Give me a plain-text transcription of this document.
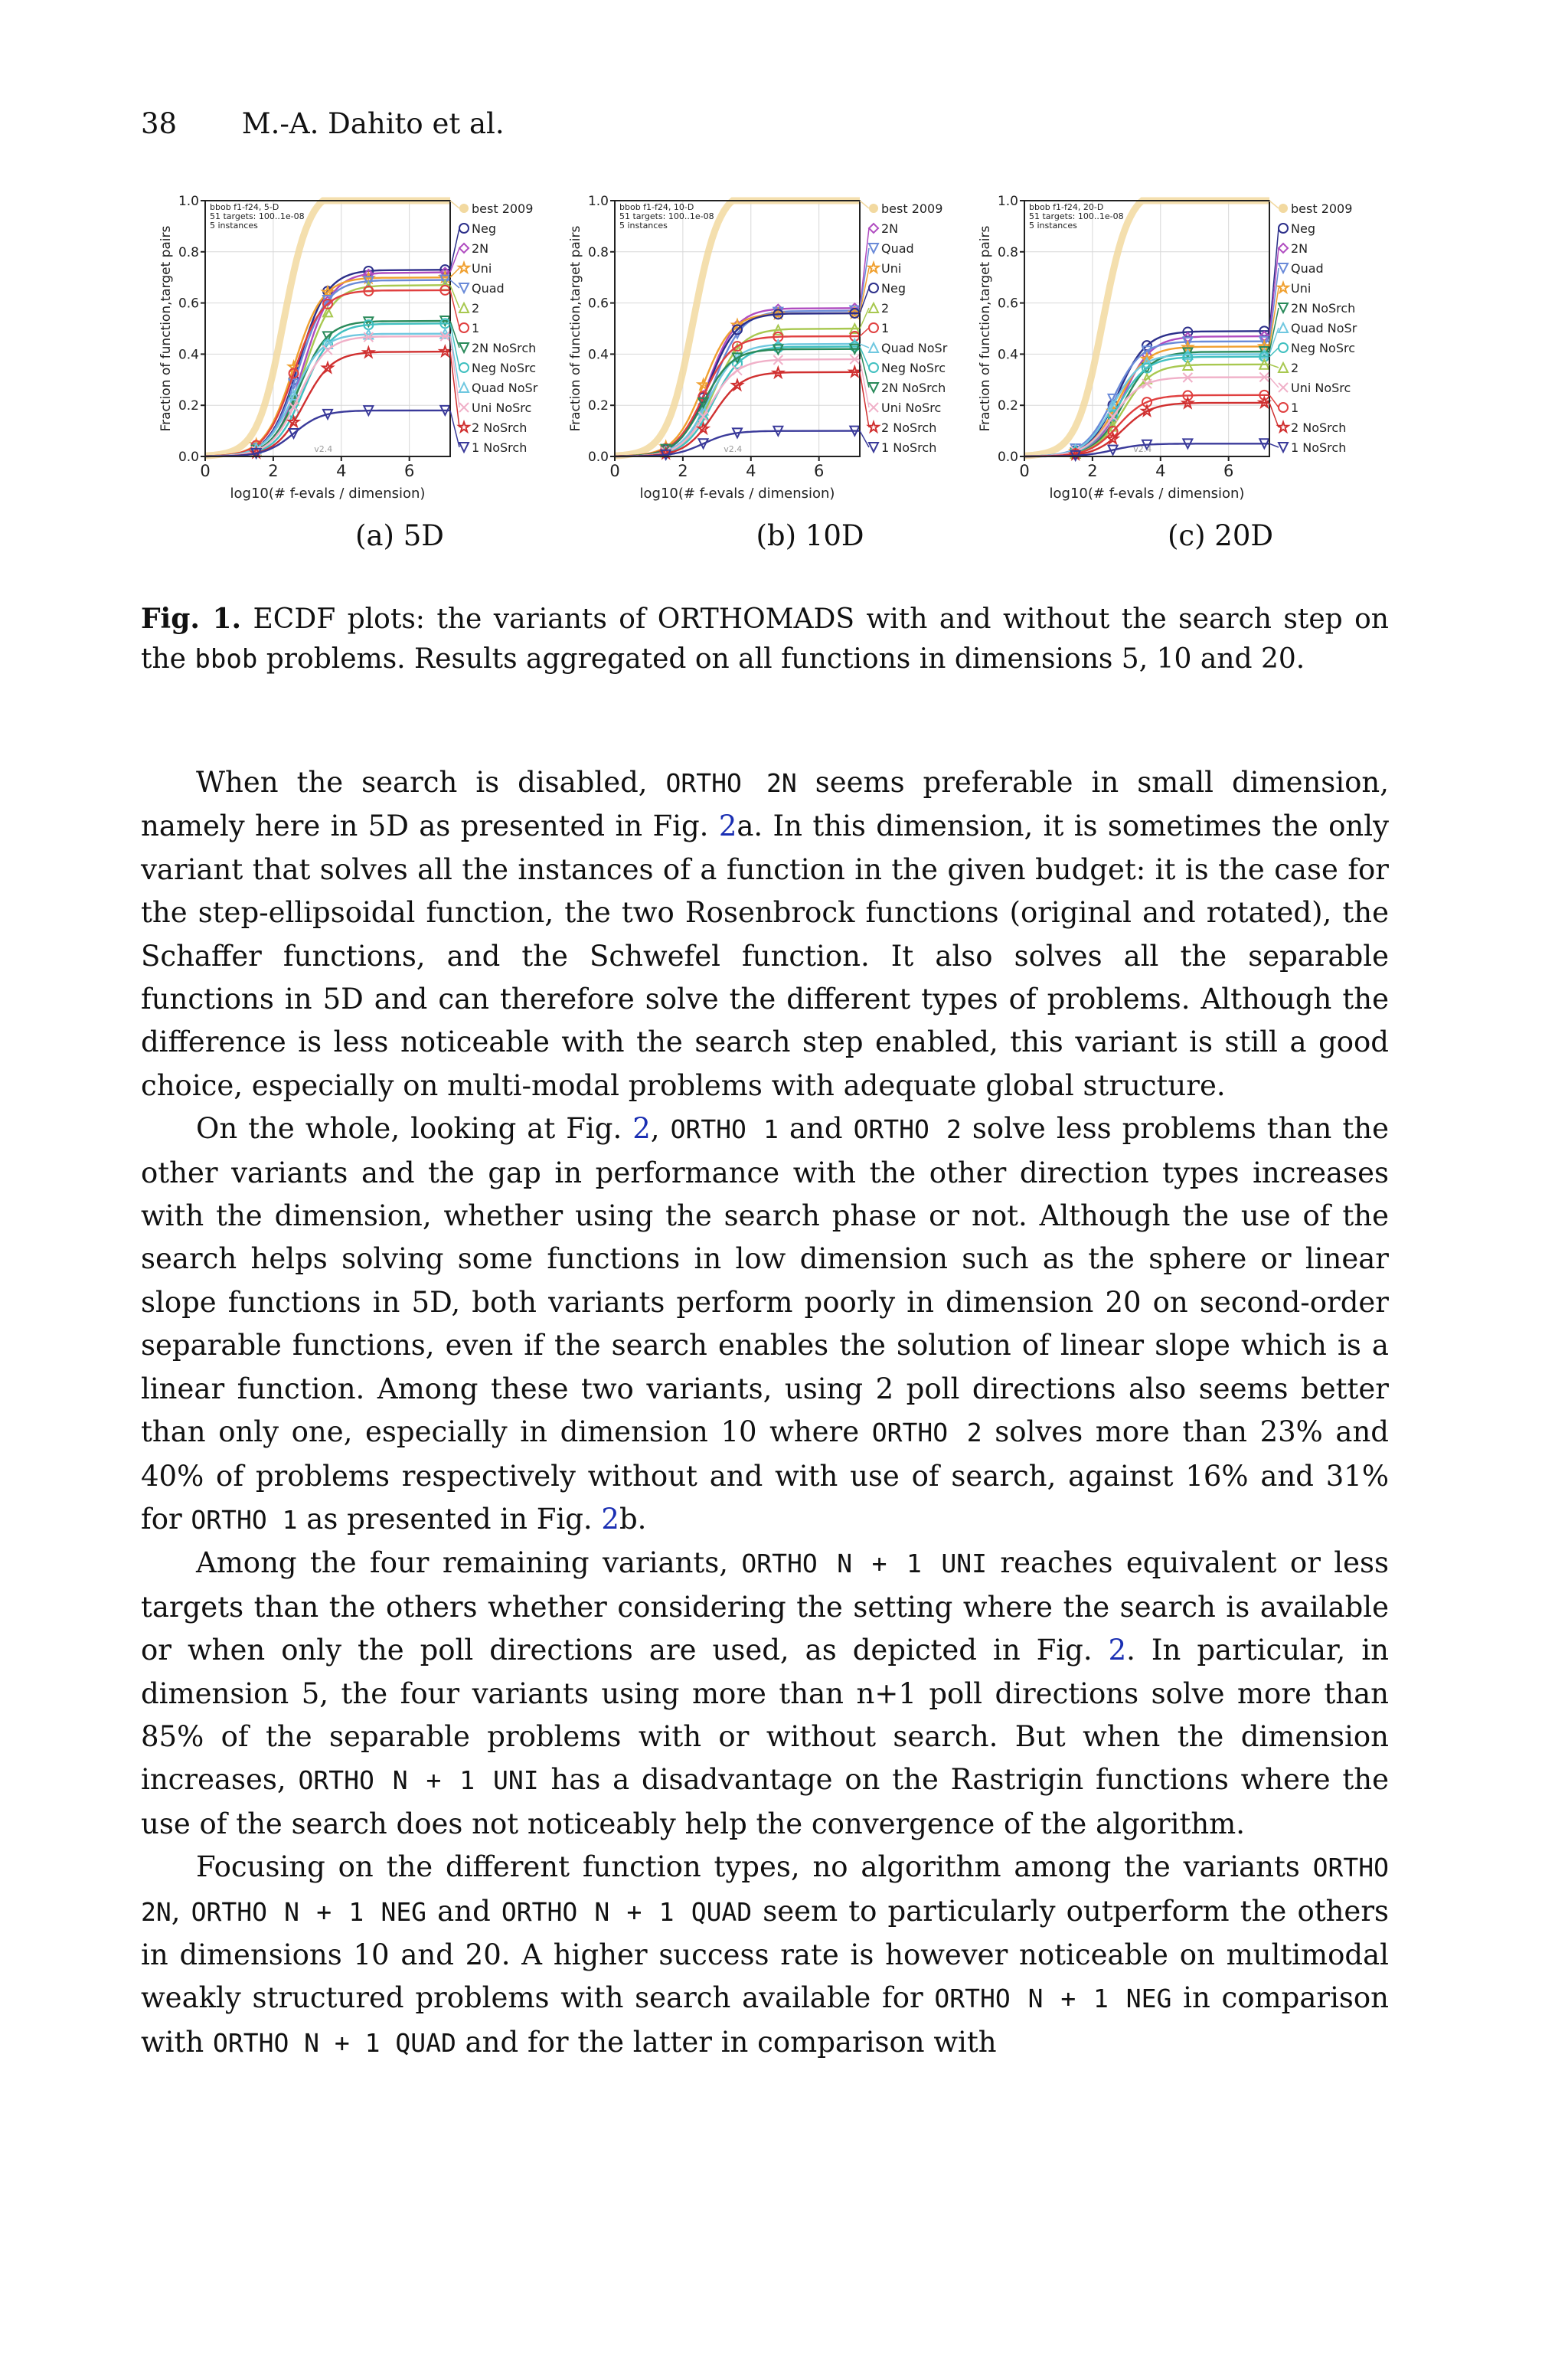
38 M.-A. Dahito et al.
0	2	4	6
0.0
0.2
0.4
0.6
0.8
1.0
log10(# f-evals / dimension)
Fraction of function,target pairs
bbob f1-f24, 5-D
51 targets: 100..1e-08
5 instances
v2.4
best 2009
Neg
2N
Uni
Quad
2
1
2N NoSrch
Neg NoSrc
Quad NoSr
Uni NoSrc
2 NoSrch
1 NoSrch
0	2	4	6
0.0
0.2
0.4
0.6
0.8
1.0
log10(# f-evals / dimension)
Fraction of function,target pairs
bbob f1-f24, 10-D
51 targets: 100..1e-08
5 instances
v2.4
best 2009
2N
Quad
Uni
Neg
2
1
Quad NoSr
Neg NoSrc
2N NoSrch
Uni NoSrc
2 NoSrch
1 NoSrch
0	2	4	6
0.0
0.2
0.4
0.6
0.8
1.0
log10(# f-evals / dimension)
Fraction of function,target pairs
bbob f1-f24, 20-D
51 targets: 100..1e-08
5 instances
v2.4
best 2009
Neg
2N
Quad
Uni
2N NoSrch
Quad NoSr
Neg NoSrc
2
Uni NoSrc
1
2 NoSrch
1 NoSrch
(a) 5D	(b) 10D	(c) 20D
Fig. 1. ECDF plots: the variants of ORTHOMADS with and without the search step on the bbob problems. Results aggregated on all functions in dimensions 5, 10 and 20.

When the search is disabled, ORTHO 2N seems preferable in small dimension, namely here in 5D as presented in Fig. 2a. In this dimension, it is sometimes the only variant that solves all the instances of a function in the given budget: it is the case for the step-ellipsoidal function, the two Rosenbrock functions (original and rotated), the Schaffer functions, and the Schwefel function. It also solves all the separable functions in 5D and can therefore solve the different types of problems. Although the difference is less noticeable with the search step enabled, this variant is still a good choice, especially on multi-modal problems with adequate global structure.

On the whole, looking at Fig. 2, ORTHO 1 and ORTHO 2 solve less problems than the other variants and the gap in performance with the other direction types increases with the dimension, whether using the search phase or not. Although the use of the search helps solving some functions in low dimension such as the sphere or linear slope functions in 5D, both variants perform poorly in dimension 20 on second-order separable functions, even if the search enables the solution of linear slope which is a linear function. Among these two variants, using 2 poll directions also seems better than only one, especially in dimension 10 where ORTHO 2 solves more than 23% and 40% of problems respectively without and with use of search, against 16% and 31% for ORTHO 1 as presented in Fig. 2b.

Among the four remaining variants, ORTHO N + 1 UNI reaches equivalent or less targets than the others whether considering the setting where the search is available or when only the poll directions are used, as depicted in Fig. 2. In particular, in dimension 5, the four variants using more than n+1 poll directions solve more than 85% of the separable problems with or without search. But when the dimension increases, ORTHO N + 1 UNI has a disadvantage on the Rastrigin functions where the use of the search does not noticeably help the convergence of the algorithm.

Focusing on the different function types, no algorithm among the variants ORTHO 2N, ORTHO N + 1 NEG and ORTHO N + 1 QUAD seem to particularly outperform the others in dimensions 10 and 20. A higher success rate is however noticeable on multimodal weakly structured problems with search available for ORTHO N + 1 NEG in comparison with ORTHO N + 1 QUAD and for the latter in comparison with
